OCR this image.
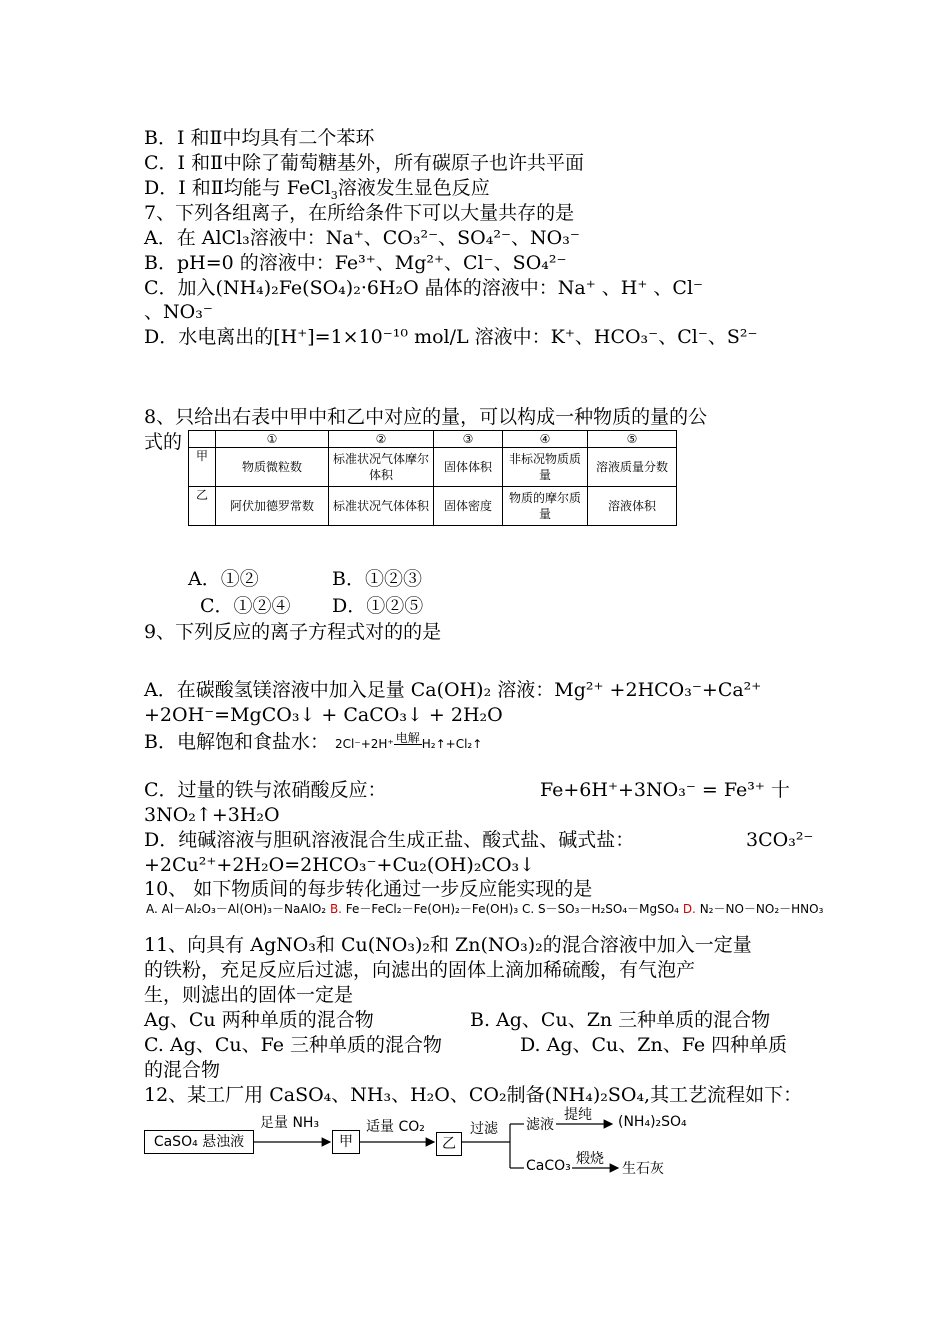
B．I 和Ⅱ中均具有二个苯环
C．I 和Ⅱ中除了葡萄糖基外，所有碳原子也许共平面
D．I 和Ⅱ均能与 FeCl$_3$溶液发生显色反应
7、下列各组离子，在所给条件下可以大量共存的是
A．在 AlCl₃溶液中：Na⁺、CO₃²⁻、SO₄²⁻、NO₃⁻
B．pH=0 的溶液中：Fe³⁺、Mg²⁺、Cl⁻、SO₄²⁻
C．加入(NH₄)₂Fe(SO₄)₂·6H₂O 晶体的溶液中：Na⁺ 、H⁺ 、Cl⁻
、NO₃⁻
D．水电离出的[H⁺]=1×10⁻¹⁰ mol/L 溶液中：K⁺、HCO₃⁻、Cl⁻、S²⁻
8、只给出右表中甲中和乙中对应的量，可以构成一种物质的量的公
式的
		①	②	③	④	⑤
甲	物质微粒数	标准状况气体摩尔体积	固体体积	非标况物质质量	溶液质量分数
乙	阿伏加德罗常数	标准状况气体体积	固体密度	物质的摩尔质量	溶液体积
A．①②	B．①②③
C．①②④ D．①②⑤
9、下列反应的离子方程式对的的是
A．在碳酸氢镁溶液中加入足量 Ca(OH)₂ 溶液：Mg²⁺ +2HCO₃⁻+Ca²⁺
+2OH⁻=MgCO₃↓ + CaCO₃↓ + 2H₂O
B．电解饱和食盐水： 2Cl⁻+2H⁺ 电解 H₂↑+Cl₂↑
C．过量的铁与浓硝酸反应：	Fe+6H⁺+3NO₃⁻ = Fe³⁺ 十
3NO₂↑+3H₂O
D．纯碱溶液与胆矾溶液混合生成正盐、酸式盐、碱式盐：	3CO₃²⁻
+2Cu²⁺+2H₂O=2HCO₃⁻+Cu₂(OH)₂CO₃↓
10、 如下物质间的每步转化通过一步反应能实现的是
A. Al－Al₂O₃－Al(OH)₃－NaAlO₂ B. Fe－FeCl₂－Fe(OH)₂－Fe(OH)₃ C. S－SO₃－H₂SO₄－MgSO₄ D. N₂－NO－NO₂－HNO₃
11、向具有 AgNO₃和 Cu(NO₃)₂和 Zn(NO₃)₂的混合溶液中加入一定量
的铁粉，充足反应后过滤，向滤出的固体上滴加稀硫酸，有气泡产
生，则滤出的固体一定是
Ag、Cu 两种单质的混合物	B. Ag、Cu、Zn 三种单质的混合物
C. Ag、Cu、Fe 三种单质的混合物	D. Ag、Cu、Zn、Fe 四种单质
的混合物
12、某工厂用 CaSO₄、NH₃、H₂O、CO₂制备(NH₄)₂SO₄,其工艺流程如下：
CaSO₄ 悬浊液
足量 NH₃
甲
适量 CO₂
乙
过滤 滤液
提纯 (NH₄)₂SO₄
CaCO₃ 煅烧
生石灰
